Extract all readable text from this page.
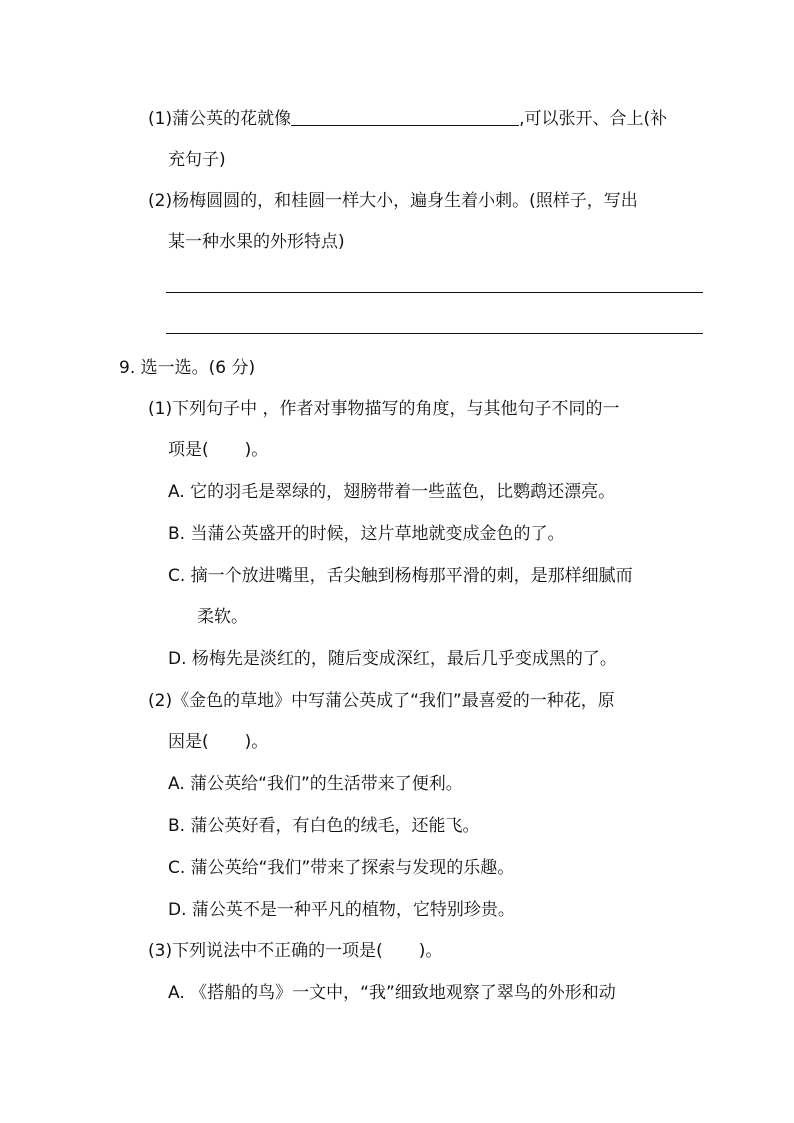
(1)蒲公英的花就像	,可以张开、合上(补
充句子)
(2)杨梅圆圆的，和桂圆一样大小，遍身生着小刺。(照样子，写出
某一种水果的外形特点)
9. 选一选。(6 分)
(1)下列句子中 ，作者对事物描写的角度，与其他句子不同的一
项是( )。
A. 它的羽毛是翠绿的，翅膀带着一些蓝色，比鹦鹉还漂亮。
B. 当蒲公英盛开的时候，这片草地就变成金色的了。
C. 摘一个放进嘴里，舌尖触到杨梅那平滑的刺，是那样细腻而
柔软。
D. 杨梅先是淡红的，随后变成深红，最后几乎变成黑的了。
(2)《金色的草地》中写蒲公英成了“我们”最喜爱的一种花，原
因是( )。
A. 蒲公英给“我们”的生活带来了便利。
B. 蒲公英好看，有白色的绒毛，还能飞。
C. 蒲公英给“我们”带来了探索与发现的乐趣。
D. 蒲公英不是一种平凡的植物，它特别珍贵。
(3)下列说法中不正确的一项是( )。
A. 《搭船的鸟》一文中，“我”细致地观察了翠鸟的外形和动
